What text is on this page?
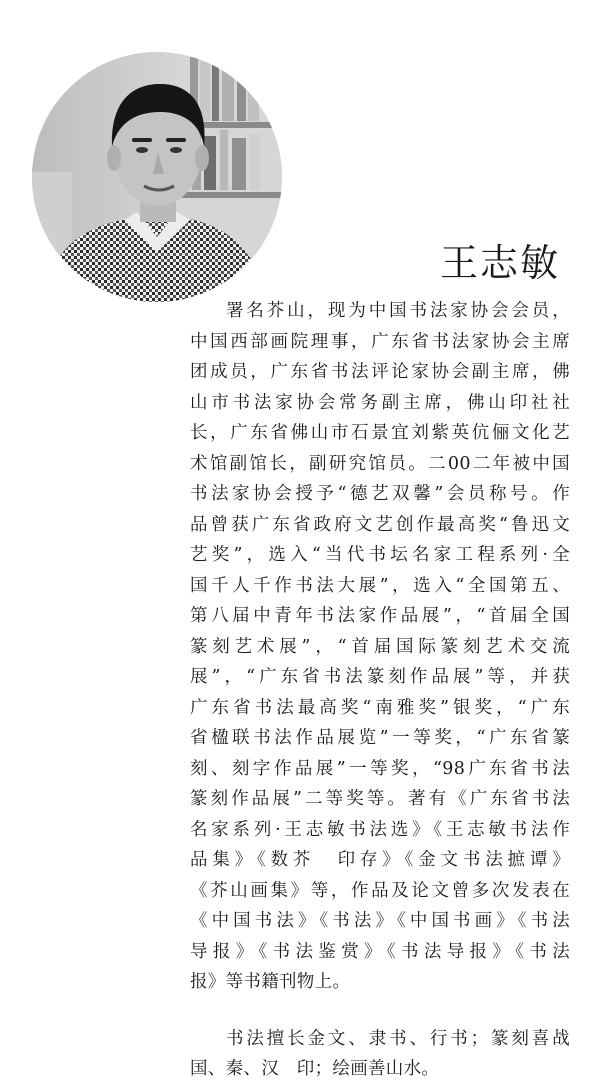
王志敏
署名芥山，现为中国书法家协会会员，
中国西部画院理事，广东省书法家协会主席
团成员，广东省书法评论家协会副主席，佛
山市书法家协会常务副主席，佛山印社社
长，广东省佛山市石景宜刘紫英伉俪文化艺
术馆副馆长，副研究馆员。二00二年被中国
书法家协会授予“德艺双馨”会员称号。作
品曾获广东省政府文艺创作最高奖“鲁迅文
艺奖”，选入“当代书坛名家工程系列·全
国千人千作书法大展”，选入“全国第五、
第八届中青年书法家作品展”，“首届全国
篆刻艺术展”，“首届国际篆刻艺术交流
展”，“广东省书法篆刻作品展”等，并获
广东省书法最高奖“南雅奖”银奖，“广东
省楹联书法作品展览”一等奖，“广东省篆
刻、刻字作品展”一等奖，“98广东省书法
篆刻作品展”二等奖等。著有《广东省书法
名家系列·王志敏书法选》《王志敏书法作
品集》《数芥　印存》《金文书法摭谭》
《芥山画集》等，作品及论文曾多次发表在
《中国书法》《书法》《中国书画》《书法
导报》《书法鉴赏》《书法导报》《书法
报》等书籍刊物上。
书法擅长金文、隶书、行书；篆刻喜战
国、秦、汉　印；绘画善山水。
